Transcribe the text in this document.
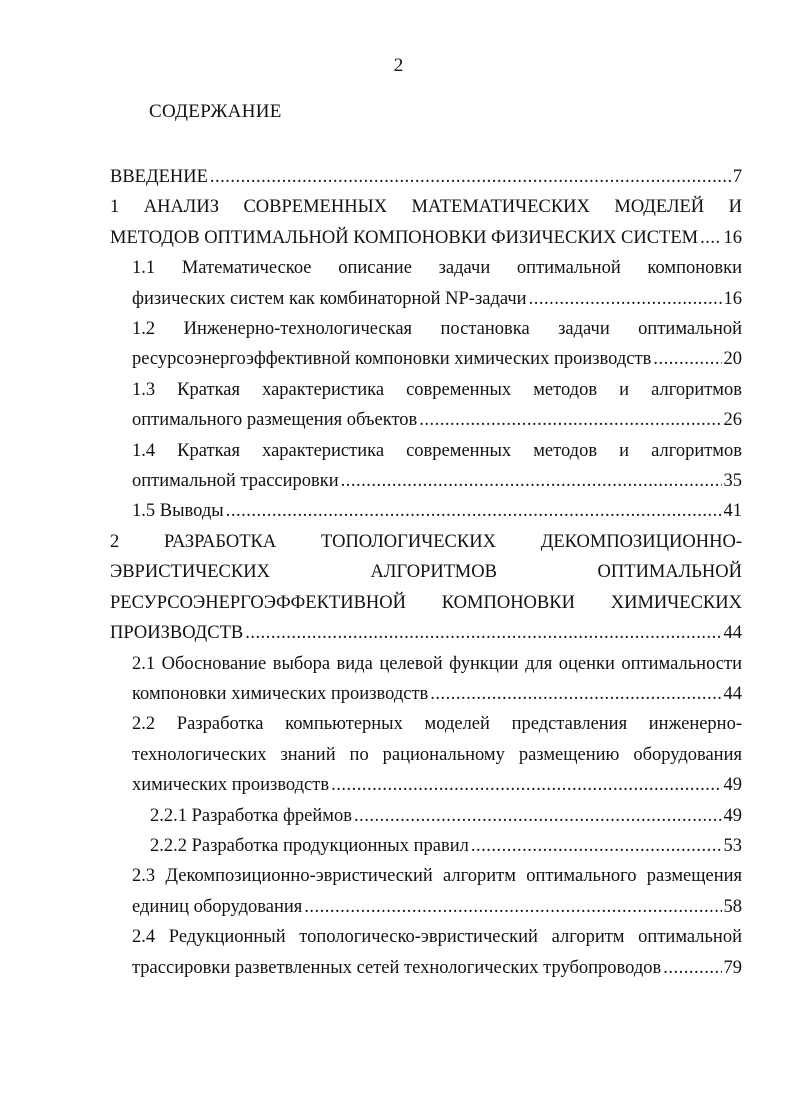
2
СОДЕРЖАНИЕ
ВВЕДЕНИЕ .....	7
1 АНАЛИЗ СОВРЕМЕННЫХ МАТЕМАТИЧЕСКИХ МОДЕЛЕЙ И
МЕТОДОВ ОПТИМАЛЬНОЙ КОМПОНОВКИ ФИЗИЧЕСКИХ СИСТЕМ ..... 16
1.1 Математическое описание задачи оптимальной компоновки
физических систем как комбинаторной NP-задачи .....	16
1.2 Инженерно-технологическая постановка задачи оптимальной
ресурсоэнергоэффективной компоновки химических производств .....	20
1.3 Краткая характеристика современных методов и алгоритмов
оптимального размещения объектов .....	26
1.4 Краткая характеристика современных методов и алгоритмов
оптимальной трассировки .....	35
1.5 Выводы .....	41
2 РАЗРАБОТКА ТОПОЛОГИЧЕСКИХ ДЕКОМПОЗИЦИОННО-
ЭВРИСТИЧЕСКИХ АЛГОРИТМОВ ОПТИМАЛЬНОЙ
РЕСУРСОЭНЕРГОЭФФЕКТИВНОЙ КОМПОНОВКИ ХИМИЧЕСКИХ
ПРОИЗВОДСТВ .....	44
2.1 Обоснование выбора вида целевой функции для оценки оптимальности
компоновки химических производств .....	44
2.2 Разработка компьютерных моделей представления инженерно-
технологических знаний по рациональному размещению оборудования
химических производств .....	49
2.2.1 Разработка фреймов .....	49
2.2.2 Разработка продукционных правил .....	53
2.3 Декомпозиционно-эвристический алгоритм оптимального размещения
единиц оборудования .....	58
2.4 Редукционный топологическо-эвристический алгоритм оптимальной
трассировки разветвленных сетей технологических трубопроводов .....	79
